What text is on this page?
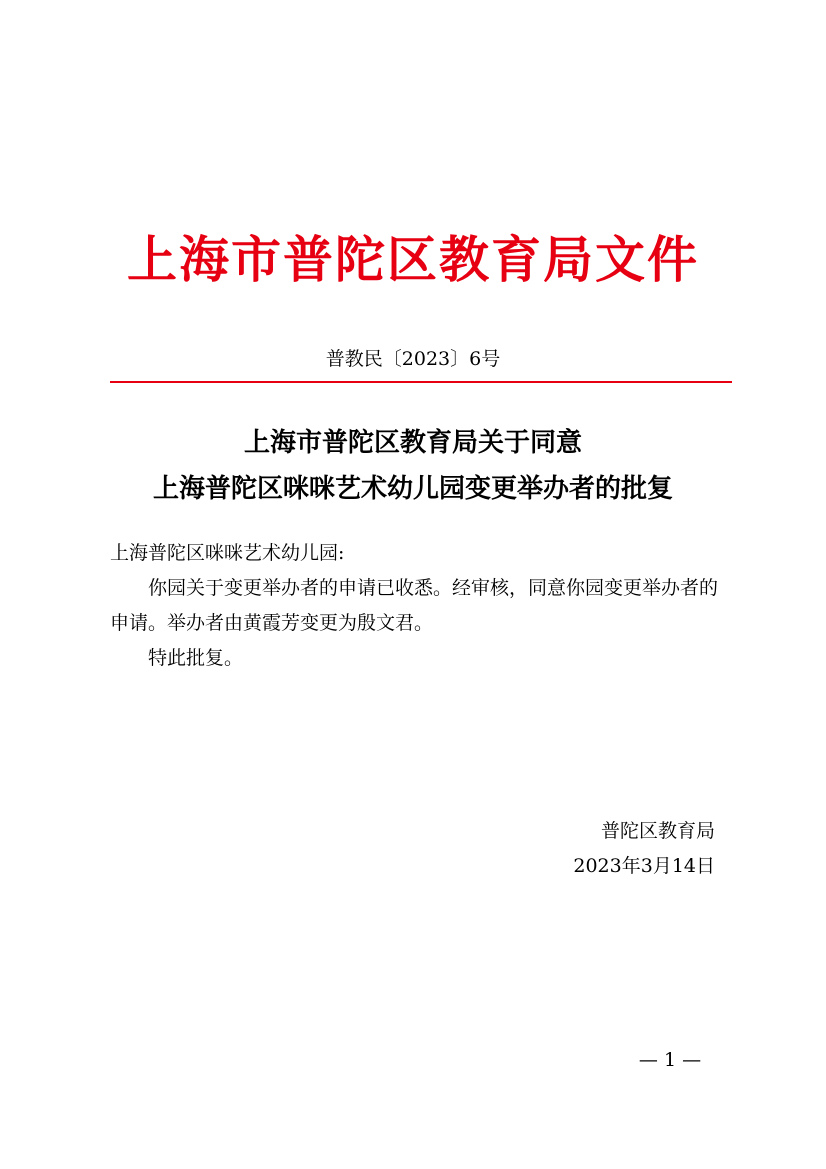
上海市普陀区教育局文件
普教民〔2023〕6号
上海市普陀区教育局关于同意
上海普陀区咪咪艺术幼儿园变更举办者的批复

上海普陀区咪咪艺术幼儿园:

你园关于变更举办者的申请已收悉。经审核，同意你园变更举办者的申请。举办者由黄霞芳变更为殷文君。

特此批复。

普陀区教育局
2023年3月14日
— 1 —
